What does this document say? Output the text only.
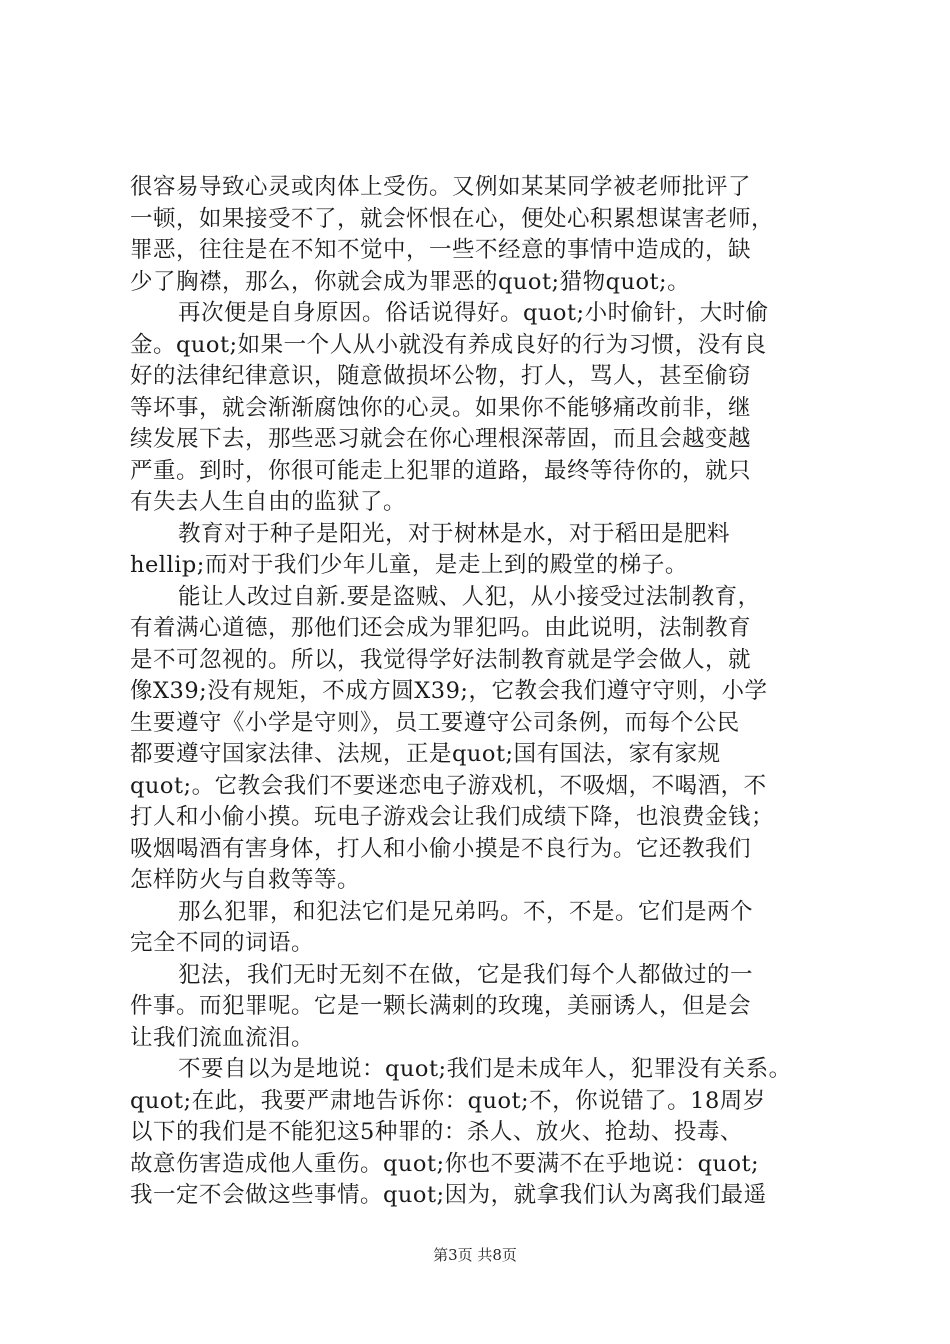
很容易导致心灵或肉体上受伤。又例如某某同学被老师批评了
一顿，如果接受不了，就会怀恨在心，便处心积累想谋害老师，
罪恶，往往是在不知不觉中，一些不经意的事情中造成的，缺
少了胸襟，那么，你就会成为罪恶的quot;猎物quot;。
再次便是自身原因。俗话说得好。quot;小时偷针，大时偷
金。quot;如果一个人从小就没有养成良好的行为习惯，没有良
好的法律纪律意识，随意做损坏公物，打人，骂人，甚至偷窃
等坏事，就会渐渐腐蚀你的心灵。如果你不能够痛改前非，继
续发展下去，那些恶习就会在你心理根深蒂固，而且会越变越
严重。到时，你很可能走上犯罪的道路，最终等待你的，就只
有失去人生自由的监狱了。
教育对于种子是阳光，对于树林是水，对于稻田是肥料
hellip;而对于我们少年儿童，是走上到的殿堂的梯子。
能让人改过自新.要是盗贼、人犯，从小接受过法制教育，
有着满心道德，那他们还会成为罪犯吗。由此说明，法制教育
是不可忽视的。所以，我觉得学好法制教育就是学会做人，就
像X39;没有规矩，不成方圆X39;，它教会我们遵守守则，小学
生要遵守《小学是守则》，员工要遵守公司条例，而每个公民
都要遵守国家法律、法规，正是quot;国有国法，家有家规
quot;。它教会我们不要迷恋电子游戏机，不吸烟，不喝酒，不
打人和小偷小摸。玩电子游戏会让我们成绩下降，也浪费金钱；
吸烟喝酒有害身体，打人和小偷小摸是不良行为。它还教我们
怎样防火与自救等等。
那么犯罪，和犯法它们是兄弟吗。不，不是。它们是两个
完全不同的词语。
犯法，我们无时无刻不在做，它是我们每个人都做过的一
件事。而犯罪呢。它是一颗长满刺的玫瑰，美丽诱人，但是会
让我们流血流泪。
不要自以为是地说：quot;我们是未成年人，犯罪没有关系。
quot;在此，我要严肃地告诉你：quot;不，你说错了。18周岁
以下的我们是不能犯这5种罪的：杀人、放火、抢劫、投毒、
故意伤害造成他人重伤。quot;你也不要满不在乎地说：quot;
我一定不会做这些事情。quot;因为，就拿我们认为离我们最遥
第3页 共8页
